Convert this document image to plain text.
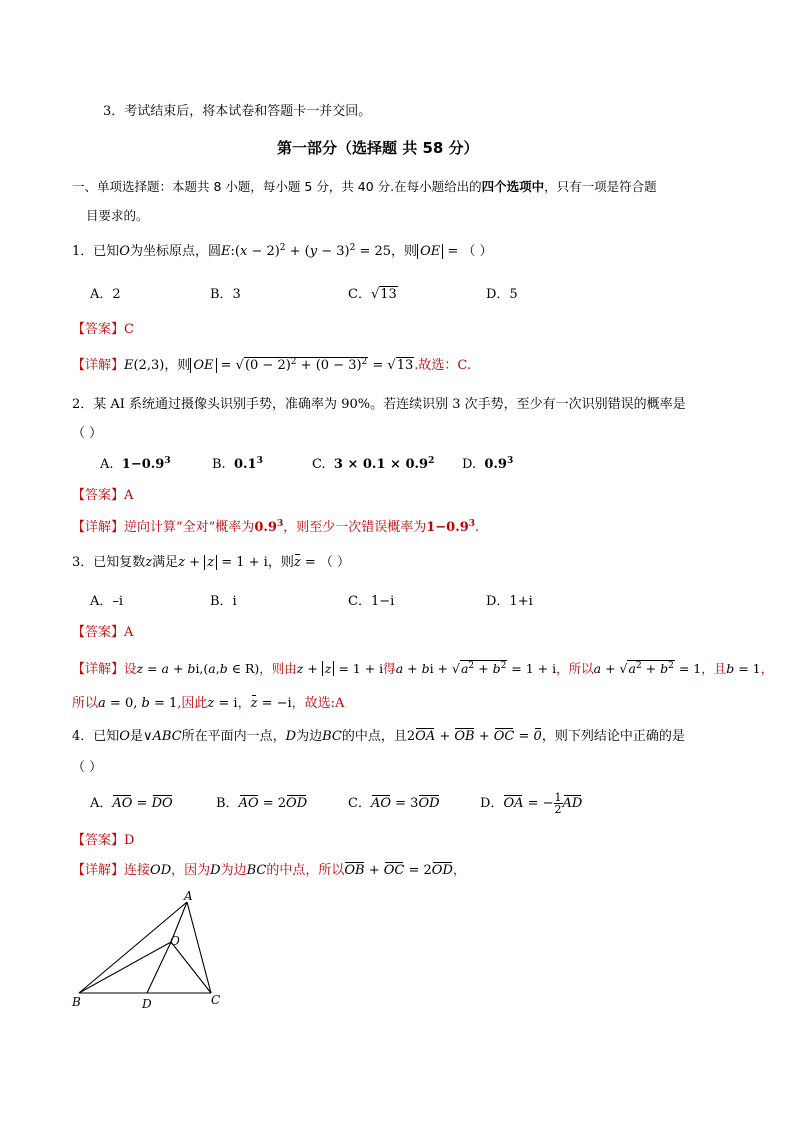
3．考试结束后，将本试卷和答题卡一并交回。
第一部分（选择题 共 58 分）
一、单项选择题：本题共 8 小题，每小题 5 分，共 40 分.在每小题给出的四个选项中，只有一项是符合题
目要求的。
1．已知O为坐标原点，圆E:(x − $2)^2 + (y - 3)^2 = 25$，则 OE = （ ）
A．2	B．3	C．√13	D．5
【答案】C
【详解】E(2,3)，则 OE = $√(0 - 2)^2 + (0 - 3)^2 = √13$.故选：C.
2．某 AI 系统通过摄像头识别手势，准确率为 90%。若连续识别 3 次手势，至少有一次识别错误的概率是
（ ）
A. $1-0.9^3$	B. $0.1^3$	C. $3 \times 0.1 \times 0.9^2$ D. $0.9^3$
【答案】A
【详解】逆向计算“全对”概率为$0.9^3$，则至少一次错误概率为$1-0.9^3$.
3．已知复数z满足z + z = 1 + i，则z = （ ）
A．–i	B．i	C．1−i	D．1+i
【答案】A
【详解】设z = a + bi,(a,b ∈ R)，则由z + z = 1 + i得a + bi + $√a^2 + b^2 = 1 + i$，所以$a + √a^2 + b^2 = 1$，且b = 1，
所以a = 0, b = 1,因此z = i，z = −i，故选:A
4．已知O是∨ABC所在平面内一点，D为边BC的中点，且2OA + OB + OC = 0，则下列结论中正确的是
（ ）
A．AO = DO	B．AO = 2OD	C．AO = 3OD	D．OA = − $\frac{1}{2}$ AD
【答案】D
【详解】连接OD，因为D为边BC的中点，所以OB + OC = 2OD，
A
O
B	D	C
